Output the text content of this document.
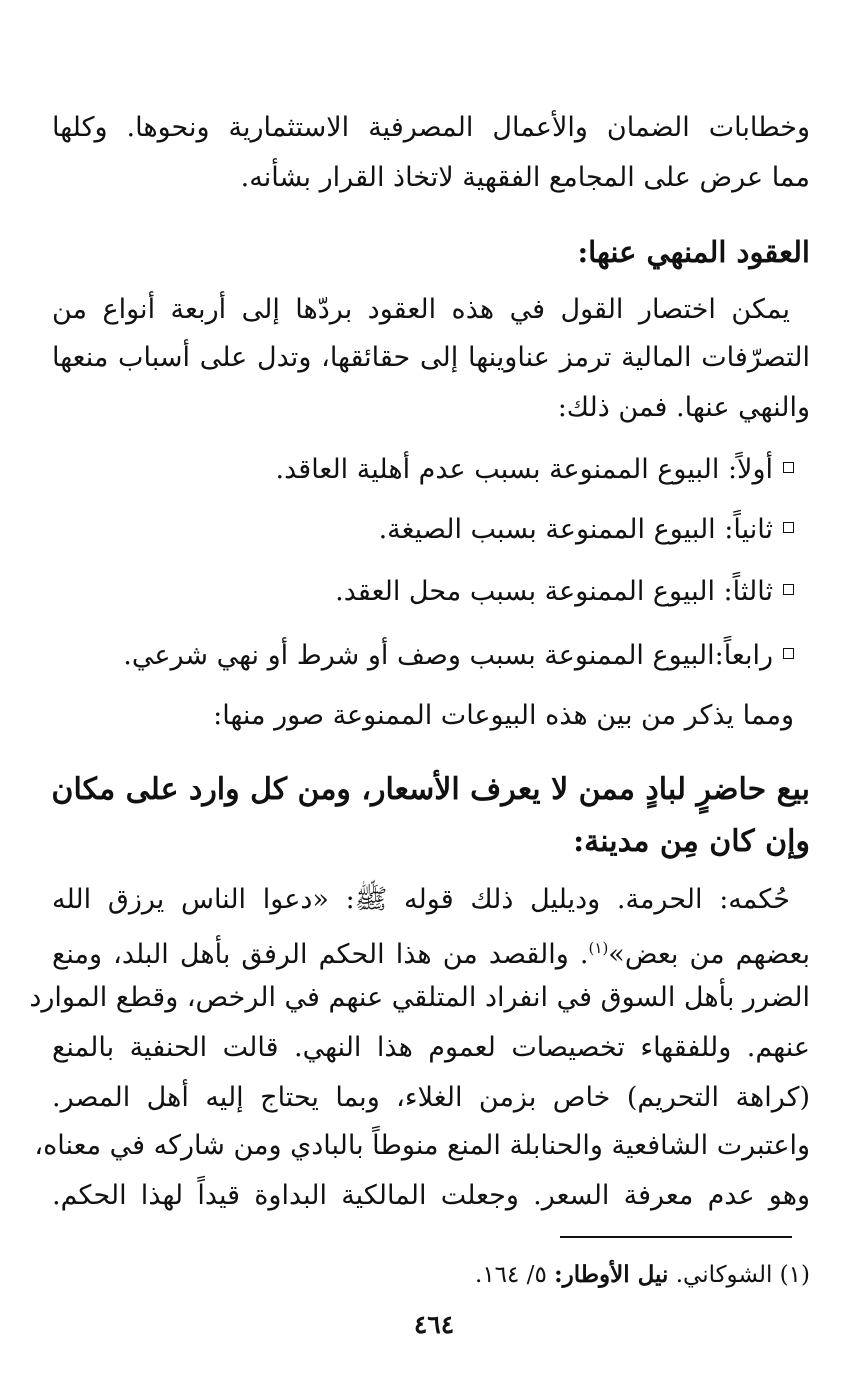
وخطابات الضمان والأعمال المصرفية الاستثمارية ونحوها. وكلها
مما عرض على المجامع الفقهية لاتخاذ القرار بشأنه.
العقود المنهي عنها:
يمكن اختصار القول في هذه العقود بردّها إلى أربعة أنواع من
التصرّفات المالية ترمز عناوينها إلى حقائقها، وتدل على أسباب منعها
والنهي عنها. فمن ذلك:
أولاً: البيوع الممنوعة بسبب عدم أهلية العاقد.
ثانياً: البيوع الممنوعة بسبب الصيغة.
ثالثاً: البيوع الممنوعة بسبب محل العقد.
رابعاً:البيوع الممنوعة بسبب وصف أو شرط أو نهي شرعي.
ومما يذكر من بين هذه البيوعات الممنوعة صور منها:
بيع حاضرٍ لبادٍ ممن لا يعرف الأسعار، ومن كل وارد على مكان
وإن كان مِن مدينة:
حُكمه: الحرمة. وديليل ذلك قوله ﷺ: «دعوا الناس يرزق الله
بعضهم من بعض»$^{(١)}$. والقصد من هذا الحكم الرفق بأهل البلد، ومنع
الضرر بأهل السوق في انفراد المتلقي عنهم في الرخص، وقطع الموارد
عنهم. وللفقهاء تخصيصات لعموم هذا النهي. قالت الحنفية بالمنع
(كراهة التحريم) خاص بزمن الغلاء، وبما يحتاج إليه أهل المصر.
واعتبرت الشافعية والحنابلة المنع منوطاً بالبادي ومن شاركه في معناه،
وهو عدم معرفة السعر. وجعلت المالكية البداوة قيداً لهذا الحكم.
(١) الشوكاني. نيل الأوطار: ٥/ ١٦٤.
٤٦٤
